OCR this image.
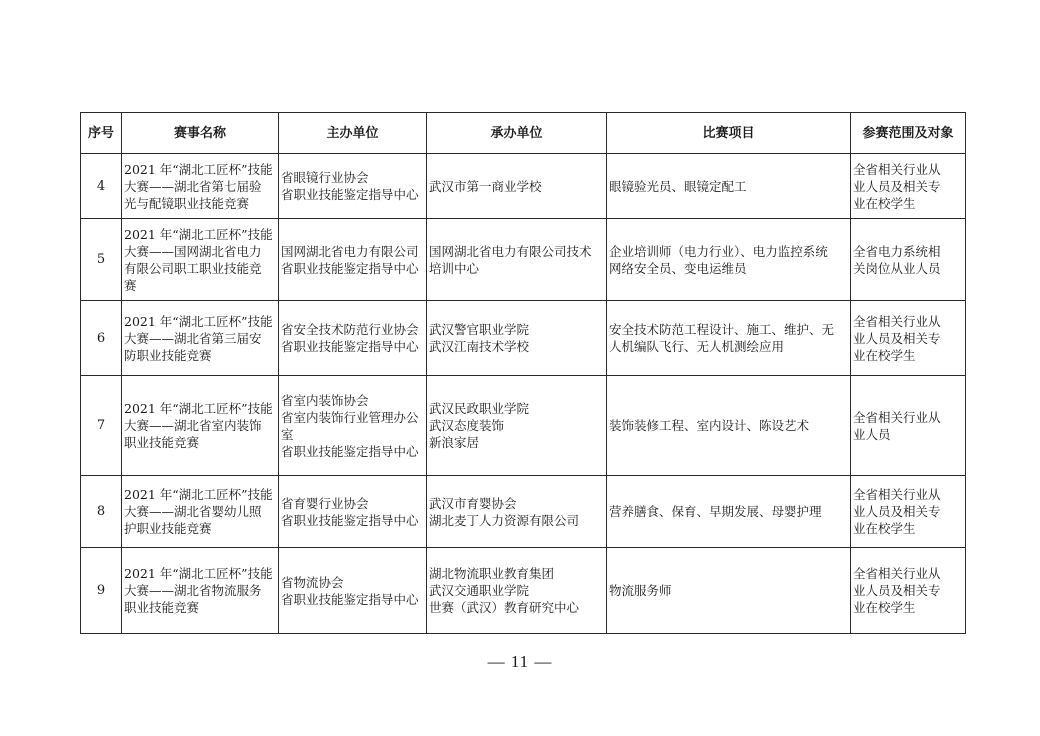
序号	赛事名称	主办单位	承办单位	比赛项目	参赛范围及对象
4	2021 年“湖北工匠杯”技能
大赛——湖北省第七届验
光与配镜职业技能竞赛	省眼镜行业协会
省职业技能鉴定指导中心	武汉市第一商业学校	眼镜验光员、眼镜定配工	全省相关行业从
业人员及相关专
业在校学生

5	2021 年“湖北工匠杯”技能
大赛——国网湖北省电力
有限公司职工职业技能竞
赛	国网湖北省电力有限公司
省职业技能鉴定指导中心	国网湖北省电力有限公司技术
培训中心	企业培训师（电力行业）、电力监控系统
网络安全员、变电运维员	全省电力系统相
关岗位从业人员

6	2021 年“湖北工匠杯”技能
大赛——湖北省第三届安
防职业技能竞赛	省安全技术防范行业协会
省职业技能鉴定指导中心	武汉警官职业学院
武汉江南技术学校	安全技术防范工程设计、施工、维护、无
人机编队飞行、无人机测绘应用	全省相关行业从
业人员及相关专
业在校学生

7	2021 年“湖北工匠杯”技能
大赛——湖北省室内装饰
职业技能竞赛	省室内装饰协会
省室内装饰行业管理办公
室
省职业技能鉴定指导中心	武汉民政职业学院
武汉态度装饰
新浪家居	装饰装修工程、室内设计、陈设艺术	全省相关行业从
业人员

8	2021 年“湖北工匠杯”技能
大赛——湖北省婴幼儿照
护职业技能竞赛	省育婴行业协会
省职业技能鉴定指导中心	武汉市育婴协会
湖北麦丁人力资源有限公司	营养膳食、保育、早期发展、母婴护理	全省相关行业从
业人员及相关专
业在校学生

9	2021 年“湖北工匠杯”技能
大赛——湖北省物流服务
职业技能竞赛	省物流协会
省职业技能鉴定指导中心	湖北物流职业教育集团
武汉交通职业学院
世赛（武汉）教育研究中心	物流服务师	全省相关行业从
业人员及相关专
业在校学生
— 11 —
